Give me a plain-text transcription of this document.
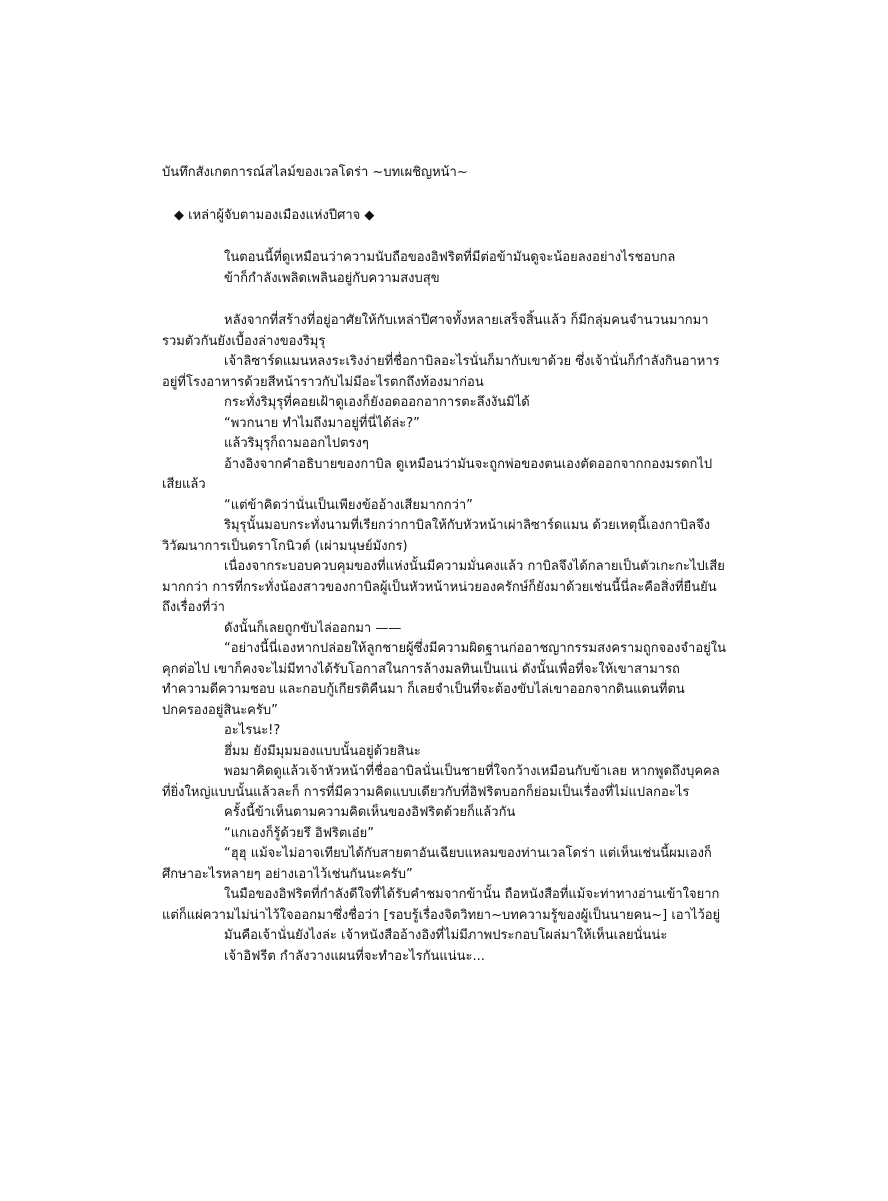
บันทึกสังเกตการณ์สไลม์ของเวลโดร่า ~บทเผชิญหน้า~
◆ เหล่าผู้จับตามองเมืองแห่งปีศาจ ◆

ในตอนนี้ที่ดูเหมือนว่าความนับถือของอิฟริตที่มีต่อข้ามันดูจะน้อยลงอย่างไรชอบกล

ข้าก็กำลังเพลิดเพลินอยู่กับความสงบสุข

หลังจากที่สร้างที่อยู่อาศัยให้กับเหล่าปีศาจทั้งหลายเสร็จสิ้นแล้ว ก็มีกลุ่มคนจำนวนมากมารวมตัวกันยังเบื้องล่างของริมุรุ

เจ้าลิซาร์ดแมนหลงระเริงง่ายที่ชื่อกาบิลอะไรนั่นก็มากับเขาด้วย ซึ่งเจ้านั่นก็กำลังกินอาหารอยู่ที่โรงอาหารด้วยสีหน้าราวกับไม่มีอะไรตกถึงท้องมาก่อน

กระทั่งริมุรุที่คอยเฝ้าดูเองก็ยังอดออกอาการตะลึงงันมิได้

“พวกนาย ทำไมถึงมาอยู่ที่นี่ได้ล่ะ?”

แล้วริมุรุก็ถามออกไปตรงๆ

อ้างอิงจากคำอธิบายของกาบิล ดูเหมือนว่ามันจะถูกพ่อของตนเองตัดออกจากกองมรดกไปเสียแล้ว

“แต่ข้าคิดว่านั่นเป็นเพียงข้ออ้างเสียมากกว่า”

ริมุรุนั้นมอบกระทั่งนามที่เรียกว่ากาบิลให้กับหัวหน้าเผ่าลิซาร์ดแมน ด้วยเหตุนี้เองกาบิลจึงวิวัฒนาการเป็นดราโกนิวต์ (เผ่ามนุษย์มังกร)

เนื่องจากระบอบควบคุมของที่แห่งนั้นมีความมั่นคงแล้ว กาบิลจึงได้กลายเป็นตัวเกะกะไปเสียมากกว่า การที่กระทั่งน้องสาวของกาบิลผู้เป็นหัวหน้าหน่วยองครักษ์ก็ยังมาด้วยเช่นนี้นี่ละคือสิ่งที่ยืนยันถึงเรื่องที่ว่า

ดังนั้นก็เลยถูกขับไล่ออกมา ——

“อย่างนี้นี่เองหากปล่อยให้ลูกชายผู้ซึ่งมีความผิดฐานก่ออาชญากรรมสงครามถูกจองจำอยู่ในคุกต่อไป เขาก็คงจะไม่มีทางได้รับโอกาสในการล้างมลทินเป็นแน่ ดังนั้นเพื่อที่จะให้เขาสามารถทำความดีความชอบ และกอบกู้เกียรติคืนมา ก็เลยจำเป็นที่จะต้องขับไล่เขาออกจากดินแดนที่ตนปกครองอยู่สินะครับ”

อะไรนะ!?

ฮึ่มม ยังมีมุมมองแบบนั้นอยู่ด้วยสินะ

พอมาคิดดูแล้วเจ้าหัวหน้าที่ชื่ออาบิลนั่นเป็นชายที่ใจกว้างเหมือนกับข้าเลย หากพูดถึงบุคคลที่ยิ่งใหญ่แบบนั้นแล้วละก็ การที่มีความคิดแบบเดียวกับที่อิฟริตบอกก็ย่อมเป็นเรื่องที่ไม่แปลกอะไร

ครั้งนี้ข้าเห็นตามความคิดเห็นของอิฟริตด้วยก็แล้วกัน

“แกเองก็รู้ด้วยรึ อิฟริตเอ๋ย”

“ฮุฮุ แม้จะไม่อาจเทียบได้กับสายตาอันเฉียบแหลมของท่านเวลโดร่า แต่เห็นเช่นนี้ผมเองก็ศึกษาอะไรหลายๆ อย่างเอาไว้เช่นกันนะครับ”

ในมือของอิฟริตที่กำลังดีใจที่ได้รับคำชมจากข้านั้น ถือหนังสือที่แม้จะท่าทางอ่านเข้าใจยากแต่ก็แผ่ความไม่น่าไว้ใจออกมาซึ่งชื่อว่า [รอบรู้เรื่องจิตวิทยา~บทความรู้ของผู้เป็นนายคน~] เอาไว้อยู่

มันคือเจ้านั่นยังไงล่ะ เจ้าหนังสืออ้างอิงที่ไม่มีภาพประกอบโผล่มาให้เห็นเลยนั่นน่ะ

เจ้าอิฟรีต กำลังวางแผนที่จะทำอะไรกันแน่นะ...
